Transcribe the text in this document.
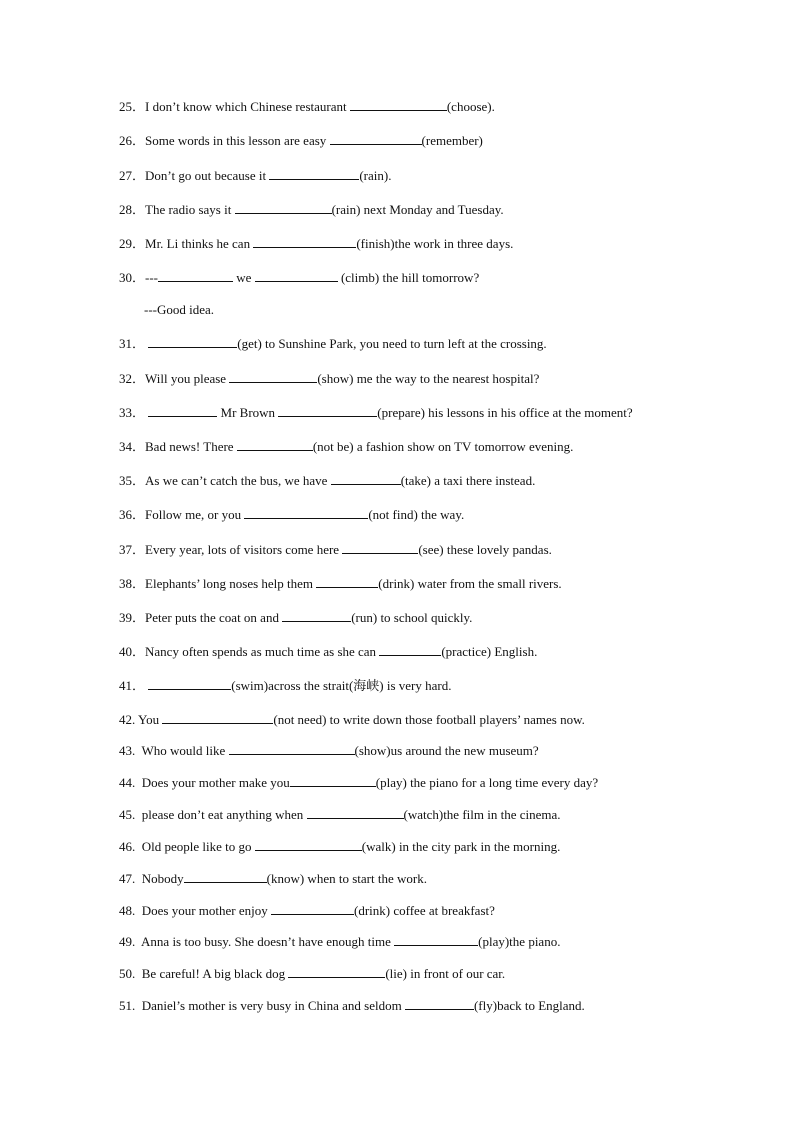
25．I don’t know which Chinese restaurant	(choose).
26．Some words in this lesson are easy	(remember)
27．Don’t go out because it	(rain).
28．The radio says it	(rain) next Monday and Tuesday.
29．Mr. Li thinks he can	(finish)the work in three days.
30．---	we	(climb) the hill tomorrow?
---Good idea.
31．	(get) to Sunshine Park, you need to turn left at the crossing.
32．Will you please	(show) me the way to the nearest hospital?
33．	Mr Brown	(prepare) his lessons in his office at the moment?
34．Bad news! There	(not be) a fashion show on TV tomorrow evening.
35．As we can’t catch the bus, we have	(take) a taxi there instead.
36．Follow me, or you	(not find) the way.
37．Every year, lots of visitors come here	(see) these lovely pandas.
38．Elephants’ long noses help them	(drink) water from the small rivers.
39．Peter puts the coat on and	(run) to school quickly.
40．Nancy often spends as much time as she can	(practice) English.
41．	(swim)across the strait(海峡) is very hard.
42. You	(not need) to write down those football players’ names now.
43.  Who would like	(show)us around the new museum?
44.  Does your mother make you	(play) the piano for a long time every day?
45.  please don’t eat anything when	(watch)the film in the cinema.
46.  Old people like to go	(walk) in the city park in the morning.
47.  Nobody	(know) when to start the work.
48.  Does your mother enjoy	(drink) coffee at breakfast?
49.  Anna is too busy. She doesn’t have enough time	(play)the piano.
50.  Be careful! A big black dog	(lie) in front of our car.
51.  Daniel’s mother is very busy in China and seldom	(fly)back to England.
